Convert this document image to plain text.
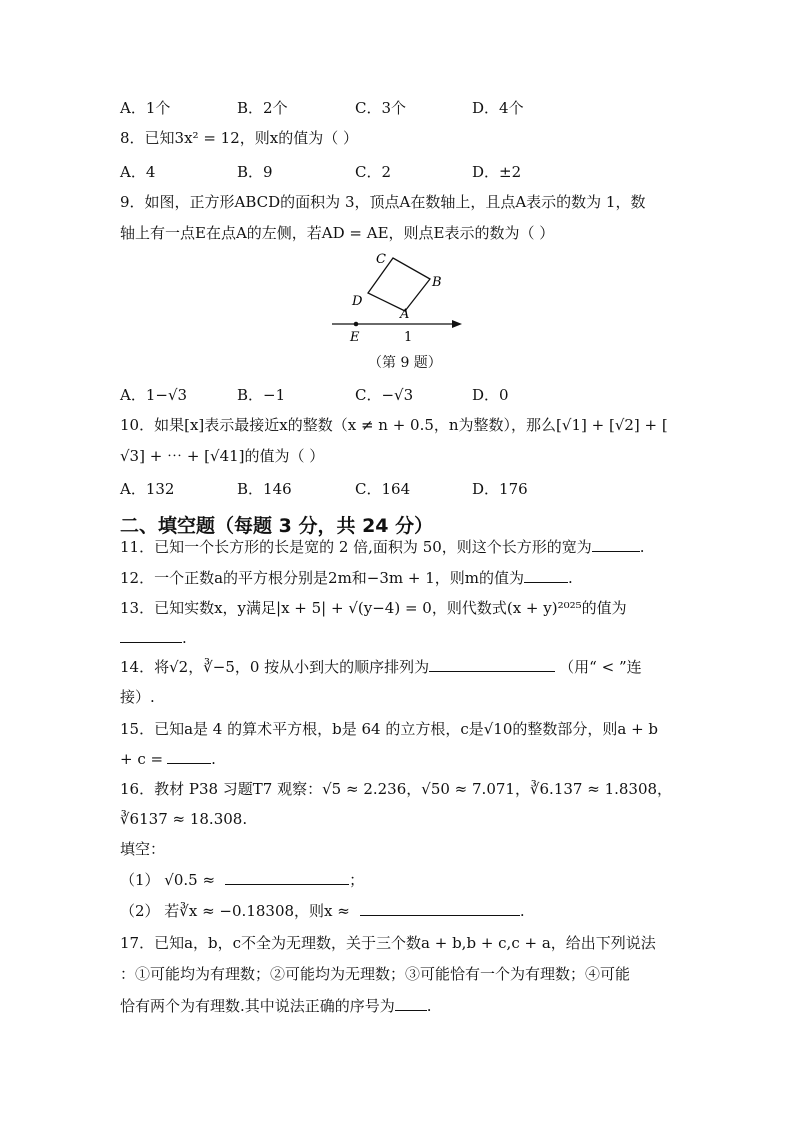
A．1个	B．2个	C．3个	D．4个
8．已知3x² = 12，则x的值为（ ）
A．4	B．9	C．2	D．±2
9．如图，正方形ABCD的面积为 3，顶点A在数轴上，且点A表示的数为 1，数
轴上有一点E在点A的左侧，若AD = AE，则点E表示的数为（ ）
C
B
D
A
E	1
（第 9 题）
A．1−√3	B．−1	C．−√3	D．0
10．如果[x]表示最接近x的整数（x ≠ n + 0.5，n为整数），那么[√1] + [√2] + [
√3] + ⋯ + [√41]的值为（ ）
A．132	B．146	C．164	D．176
二、填空题（每题 3 分，共 24 分）
11．已知一个长方形的长是宽的 2 倍,面积为 50，则这个长方形的宽为	.
12．一个正数a的平方根分别是2m和−3m + 1，则m的值为	.
13．已知实数x，y满足|x + 5| + √(y−4) = 0，则代数式(x + y)²⁰²⁵的值为
.
14．将√2，∛−5，0 按从小到大的顺序排列为	（用“ < ”连
接）.
15．已知a是 4 的算术平方根，b是 64 的立方根，c是√10的整数部分，则a + b
+ c =	.
16．教材 P38 习题T7 观察：√5 ≈ 2.236，√50 ≈ 7.071，∛6.137 ≈ 1.8308，
∛6137 ≈ 18.308.
填空：
（1） √0.5 ≈	；
（2） 若∛x ≈ −0.18308，则x ≈	.
17．已知a，b，c不全为无理数，关于三个数a + b,b + c,c + a，给出下列说法
：①可能均为有理数；②可能均为无理数；③可能恰有一个为有理数；④可能
恰有两个为有理数.其中说法正确的序号为 .
